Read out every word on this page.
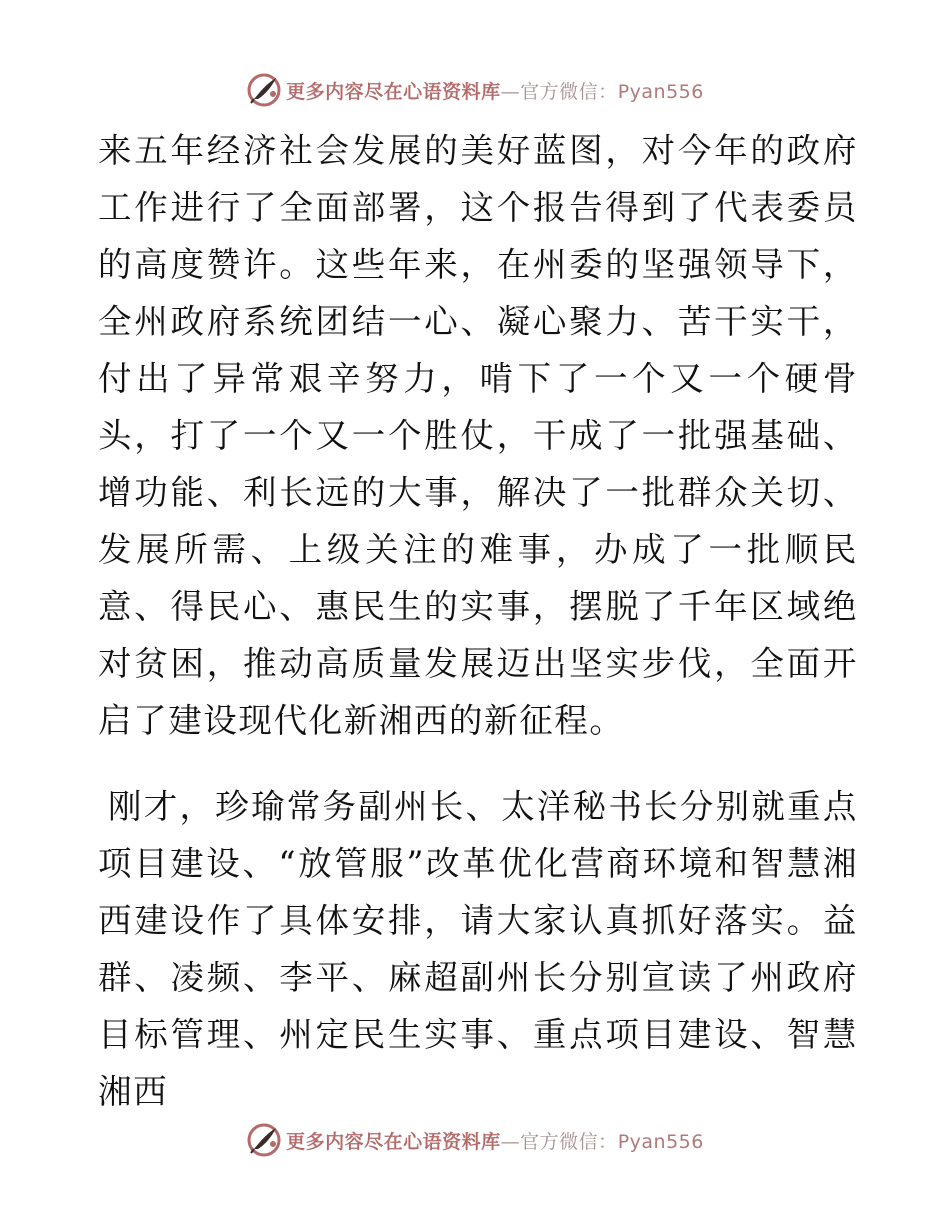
更多内容尽在心语资料库—官方微信：Pyan556

来五年经济社会发展的美好蓝图，对今年的政府工作进行了全面部署，这个报告得到了代表委员的高度赞许。这些年来，在州委的坚强领导下，全州政府系统团结一心、凝心聚力、苦干实干，付出了异常艰辛努力，啃下了一个又一个硬骨头，打了一个又一个胜仗，干成了一批强基础、增功能、利长远的大事，解决了一批群众关切、发展所需、上级关注的难事，办成了一批顺民意、得民心、惠民生的实事，摆脱了千年区域绝对贫困，推动高质量发展迈出坚实步伐，全面开启了建设现代化新湘西的新征程。

刚才，珍瑜常务副州长、太洋秘书长分别就重点项目建设、“放管服”改革优化营商环境和智慧湘西建设作了具体安排，请大家认真抓好落实。益群、凌频、李平、麻超副州长分别宣读了州政府目标管理、州定民生实事、重点项目建设、智慧湘西

更多内容尽在心语资料库—官方微信：Pyan556
